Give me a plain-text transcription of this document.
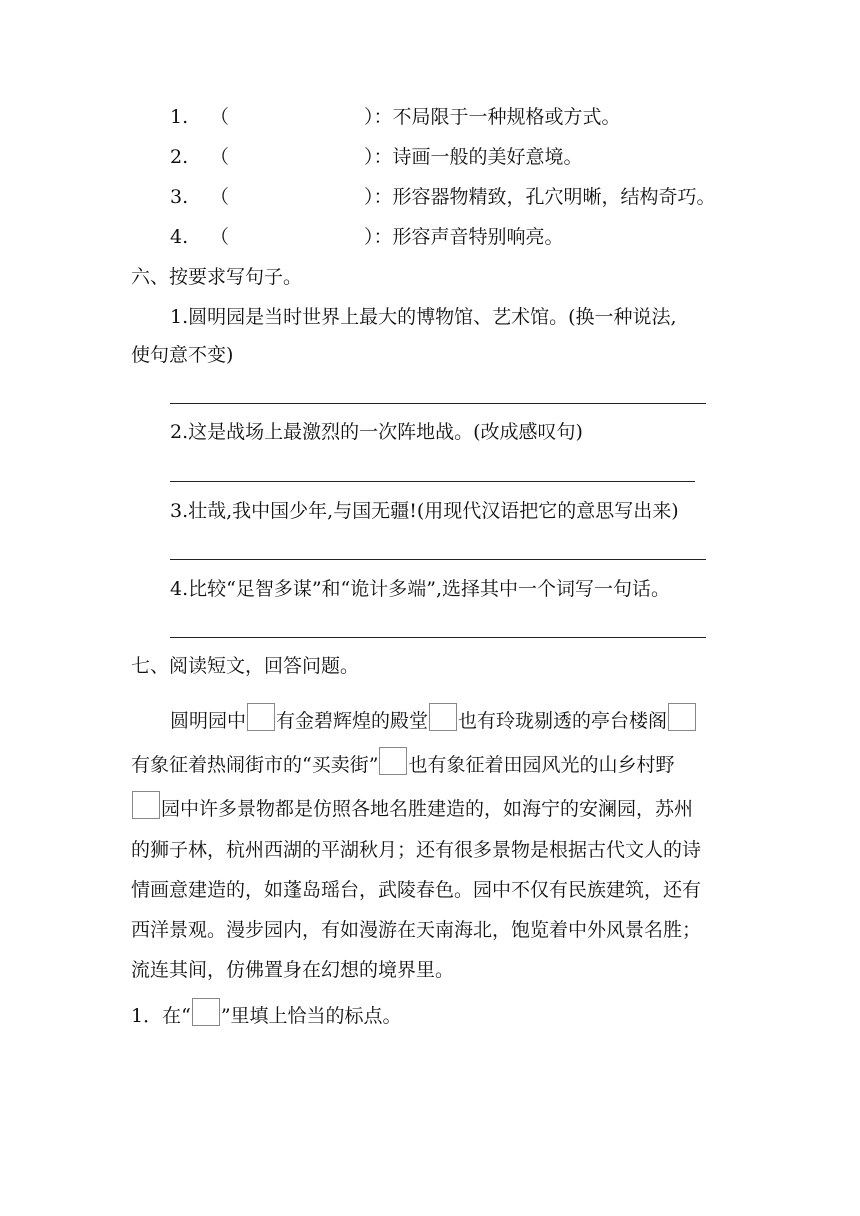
1. （	）：不局限于一种规格或方式。
2. （	）：诗画一般的美好意境。
3. （	）：形容器物精致，孔穴明晰，结构奇巧。
4. （	）：形容声音特别响亮。
六、按要求写句子。
1.圆明园是当时世界上最大的博物馆、艺术馆。(换一种说法,
使句意不变)
2.这是战场上最激烈的一次阵地战。(改成感叹句)
3.壮哉,我中国少年,与国无疆!(用现代汉语把它的意思写出来)
4.比较“足智多谋”和“诡计多端”,选择其中一个词写一句话。
七、阅读短文，回答问题。
圆明园中 有金碧辉煌的殿堂 也有玲珑剔透的亭台楼阁
有象征着热闹街市的“买卖街” 也有象征着田园风光的山乡村野
园中许多景物都是仿照各地名胜建造的，如海宁的安澜园，苏州
的狮子林，杭州西湖的平湖秋月；还有很多景物是根据古代文人的诗
情画意建造的，如蓬岛瑶台，武陵春色。园中不仅有民族建筑，还有
西洋景观。漫步园内，有如漫游在天南海北，饱览着中外风景名胜；
流连其间，仿佛置身在幻想的境界里。
1．在“ ”里填上恰当的标点。
